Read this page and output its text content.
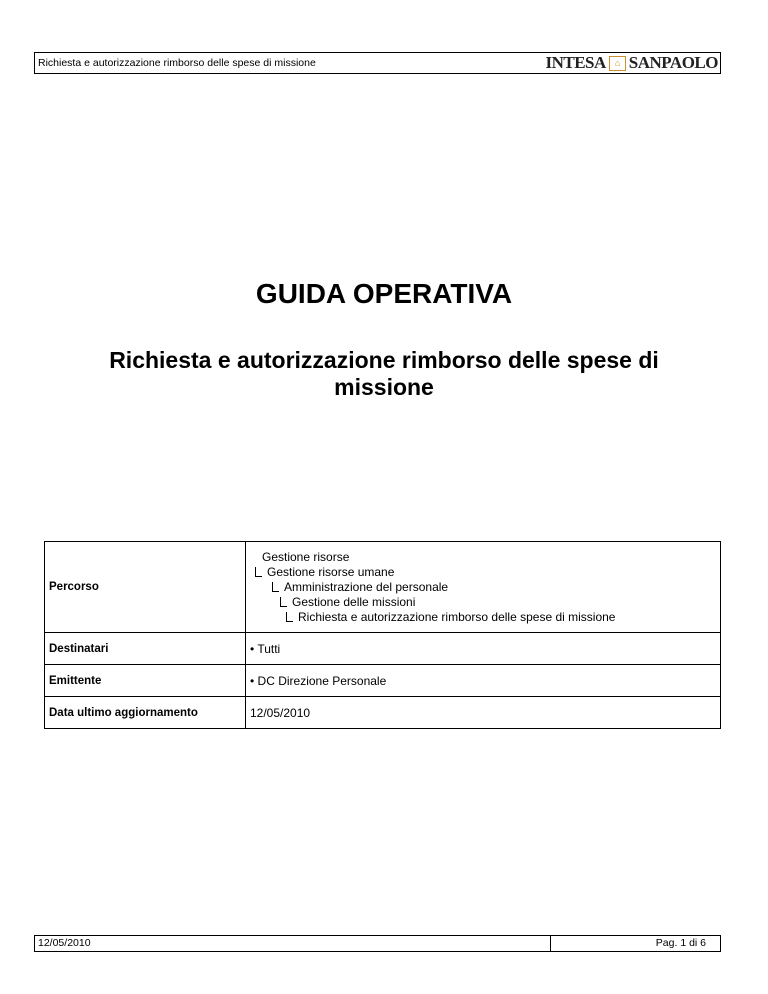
Richiesta e autorizzazione rimborso delle spese di missione	INTESA ⌂ SANPAOLO
GUIDA OPERATIVA
Richiesta e autorizzazione rimborso delle spese di missione
Percorso	Gestione risorse
Gestione risorse umane
Amministrazione del personale
Gestione delle missioni
Richiesta e autorizzazione rimborso delle spese di missione

Destinatari	• Tutti
Emittente	• DC Direzione Personale
Data ultimo aggiornamento	12/05/2010
12/05/2010	Pag. 1 di 6
